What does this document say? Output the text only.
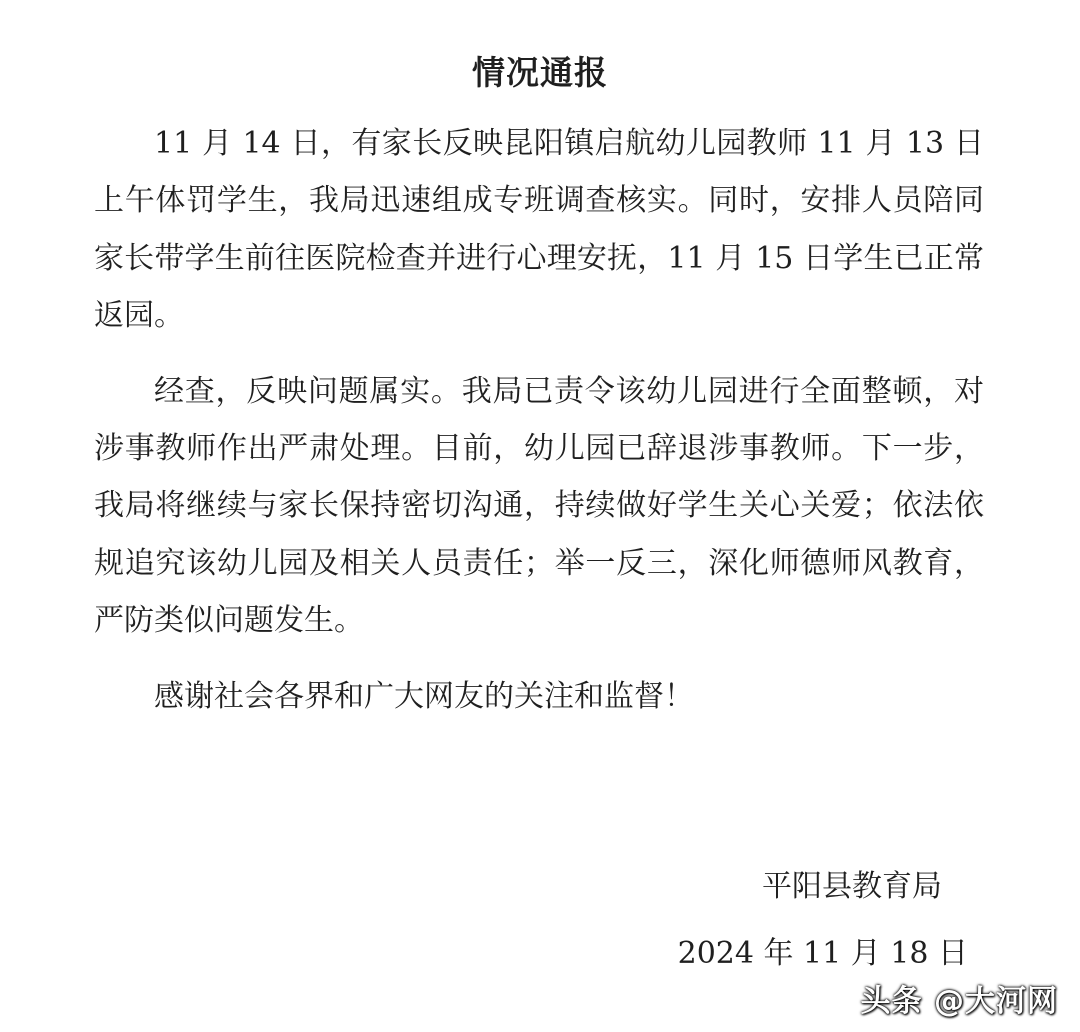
情况通报

11 月 14 日，有家长反映昆阳镇启航幼儿园教师 11 月 13 日上午体罚学生，我局迅速组成专班调查核实。同时，安排人员陪同家长带学生前往医院检查并进行心理安抚，11 月 15 日学生已正常返园。

经查，反映问题属实。我局已责令该幼儿园进行全面整顿，对涉事教师作出严肃处理。目前，幼儿园已辞退涉事教师。下一步，我局将继续与家长保持密切沟通，持续做好学生关心关爱；依法依规追究该幼儿园及相关人员责任；举一反三，深化师德师风教育，严防类似问题发生。

感谢社会各界和广大网友的关注和监督！

平阳县教育局

2024 年 11 月 18 日

头条 @大河网
